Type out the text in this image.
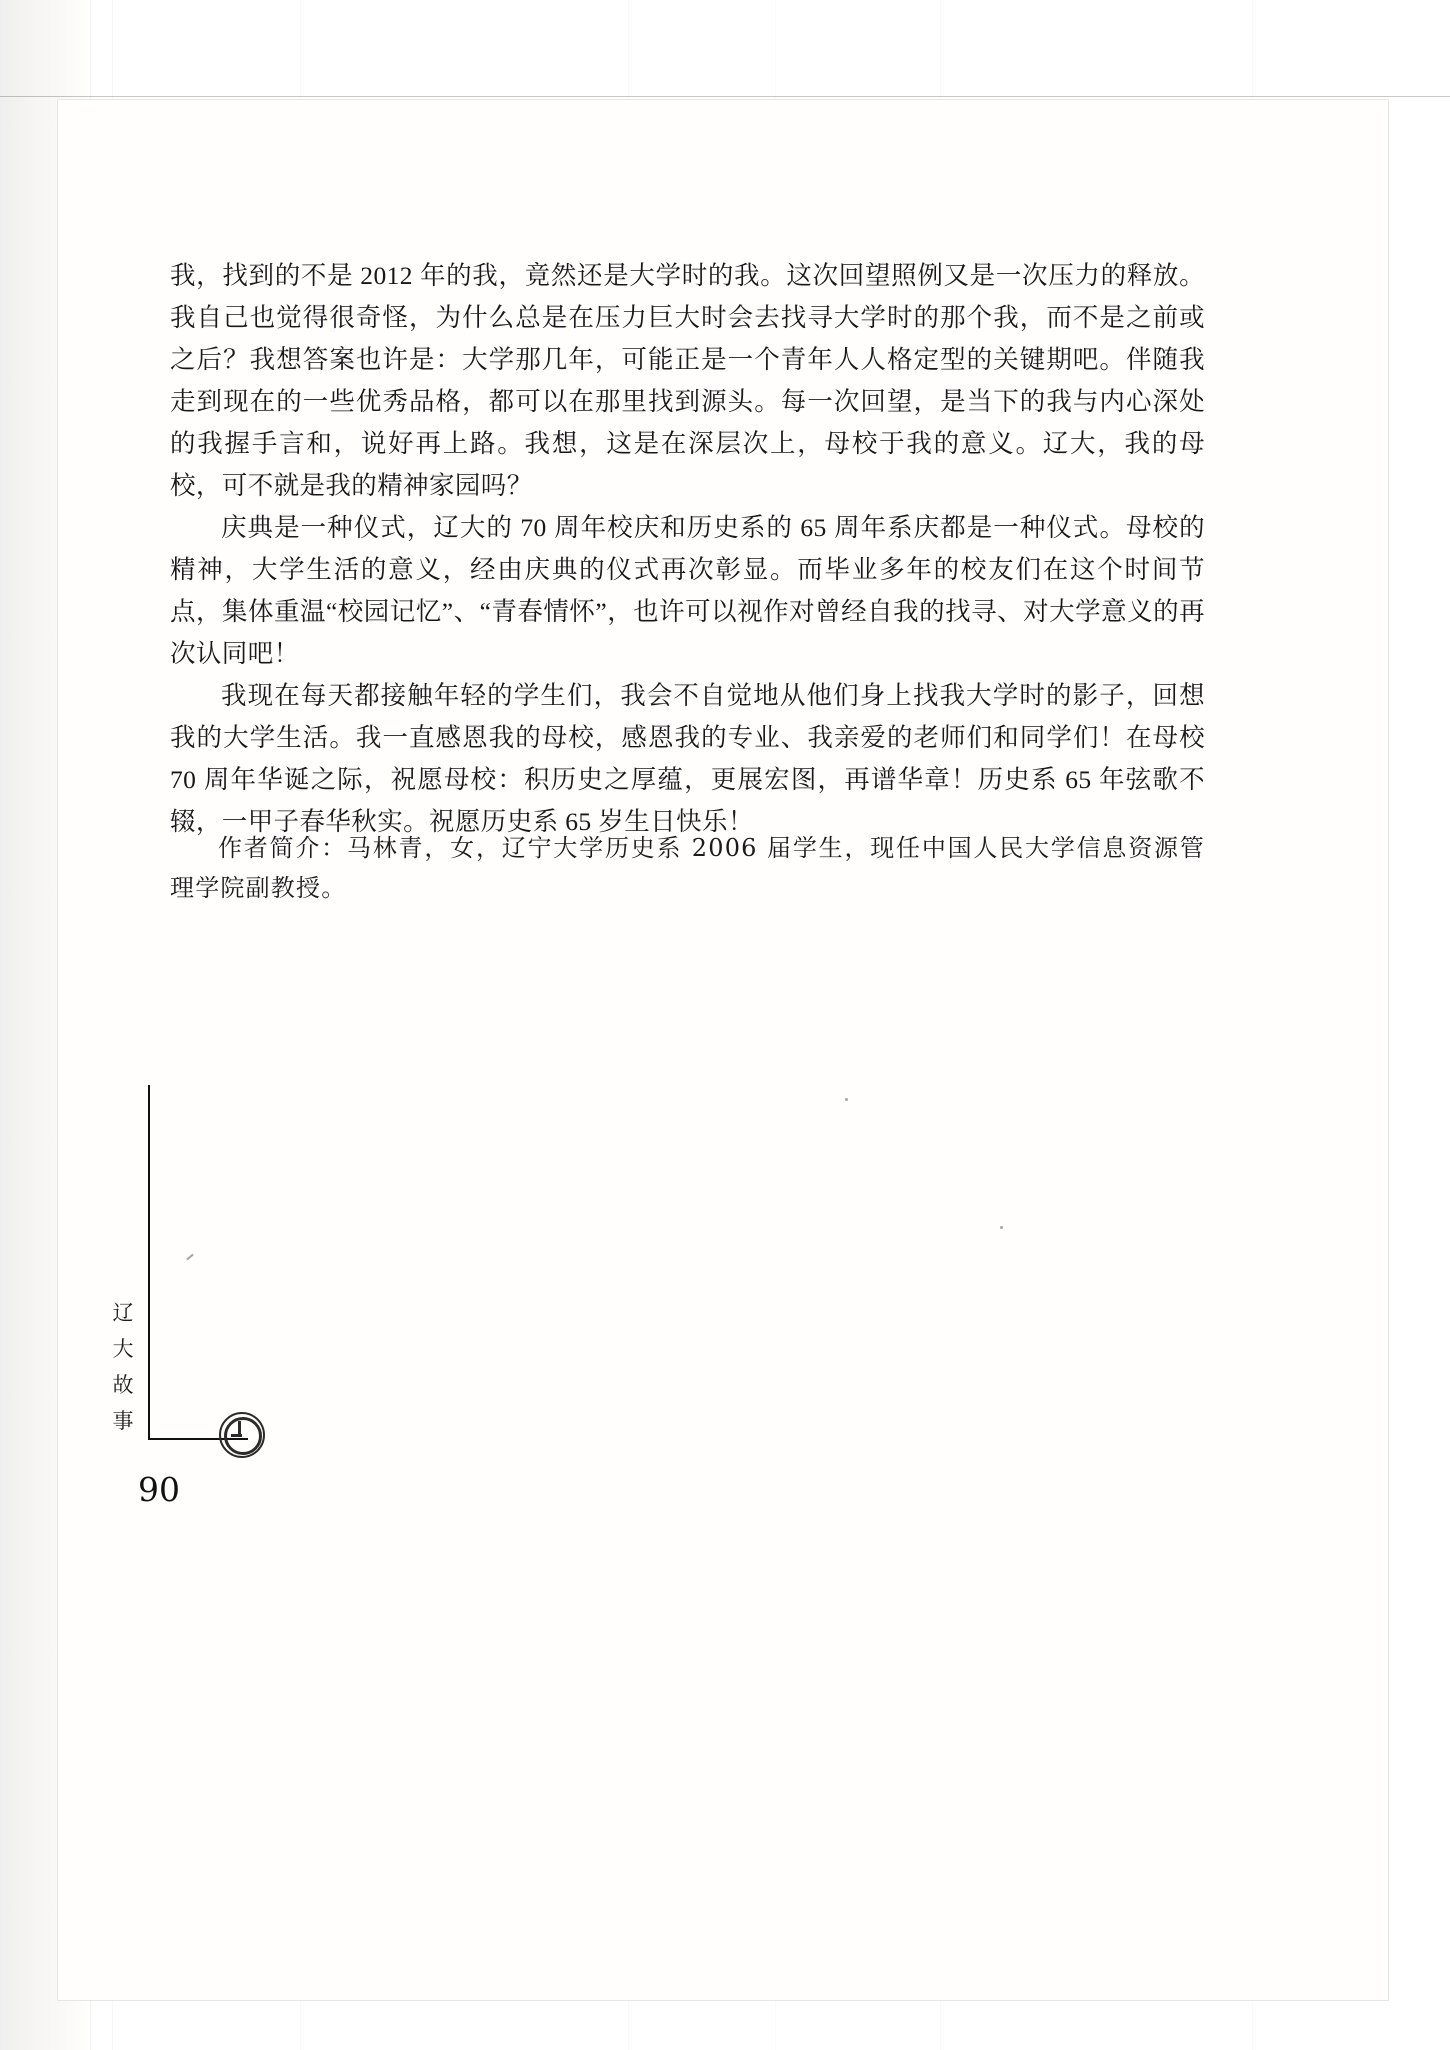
我，找到的不是 2012 年的我，竟然还是大学时的我。这次回望照例又是一次压力的释放。我自己也觉得很奇怪，为什么总是在压力巨大时会去找寻大学时的那个我，而不是之前或之后？我想答案也许是：大学那几年，可能正是一个青年人人格定型的关键期吧。伴随我走到现在的一些优秀品格，都可以在那里找到源头。每一次回望，是当下的我与内心深处的我握手言和，说好再上路。我想，这是在深层次上，母校于我的意义。辽大，我的母校，可不就是我的精神家园吗？

庆典是一种仪式，辽大的 70 周年校庆和历史系的 65 周年系庆都是一种仪式。母校的精神，大学生活的意义，经由庆典的仪式再次彰显。而毕业多年的校友们在这个时间节点，集体重温“校园记忆”、“青春情怀”，也许可以视作对曾经自我的找寻、对大学意义的再次认同吧！

我现在每天都接触年轻的学生们，我会不自觉地从他们身上找我大学时的影子，回想我的大学生活。我一直感恩我的母校，感恩我的专业、我亲爱的老师们和同学们！在母校 70 周年华诞之际，祝愿母校：积历史之厚蕴，更展宏图，再谱华章！历史系 65 年弦歌不辍，一甲子春华秋实。祝愿历史系 65 岁生日快乐！

作者简介：马林青，女，辽宁大学历史系 2006 届学生，现任中国人民大学信息资源管理学院副教授。

辽大故事
90
